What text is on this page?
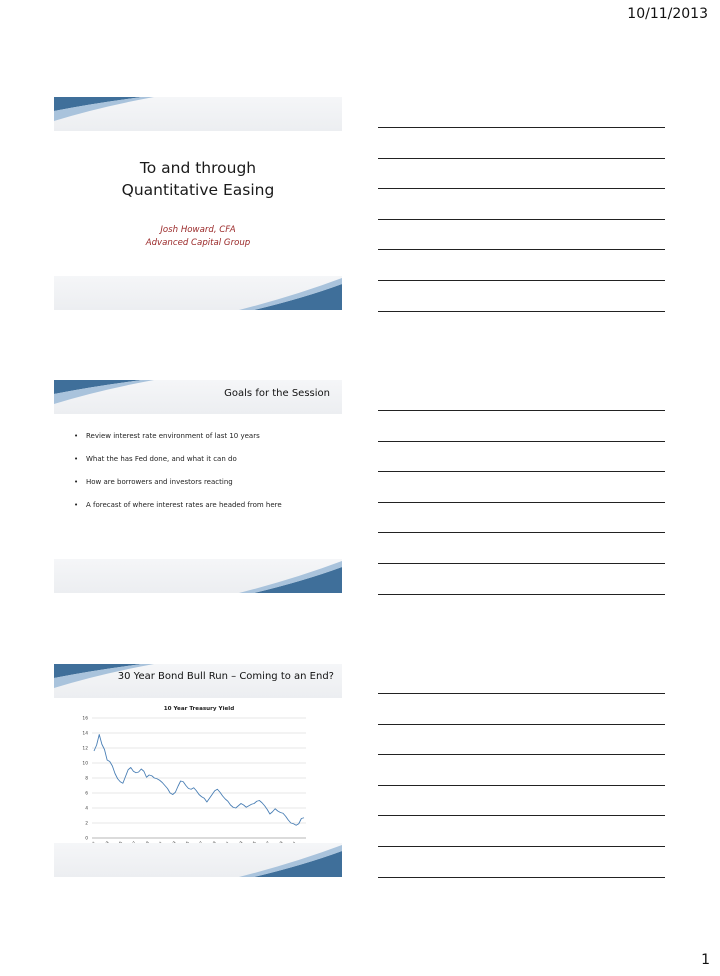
10/11/2013
To and through
Quantitative Easing
Josh Howard, CFA
Advanced Capital Group
Goals for the Session
• Review interest rate environment of last 10 years
• What the has Fed done, and what it can do
• How are borrowers and investors reacting
• A forecast of where interest rates are headed from here
30 Year Bond Bull Run – Coming to an End?
10 Year Treasury Yield
0
2
4
6
8
10
12
14
16
1
